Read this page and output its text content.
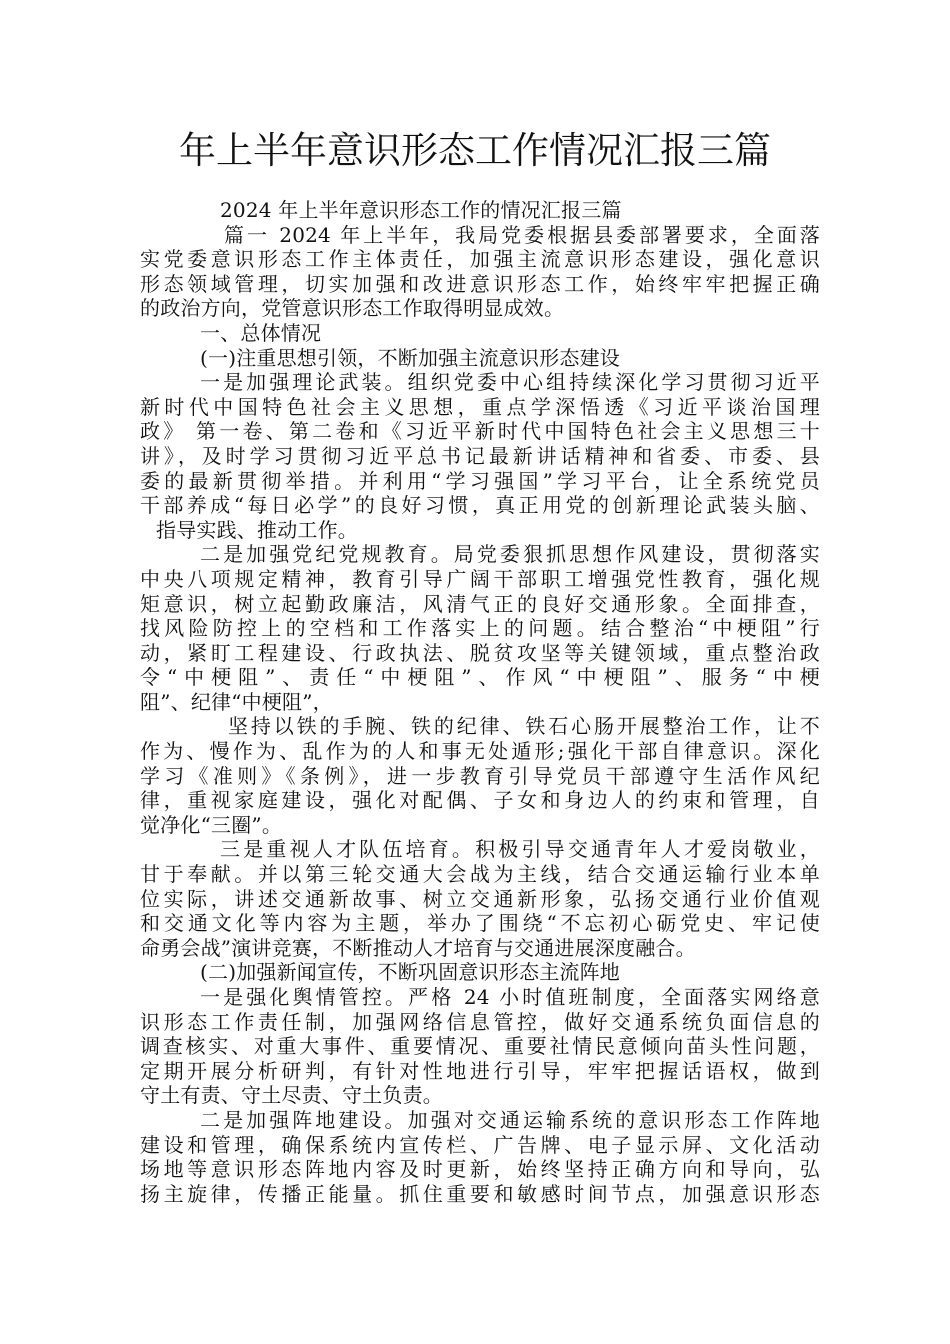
年上半年意识形态工作情况汇报三篇
2024 年上半年意识形态工作的情况汇报三篇
篇一 2024 年上半年，我局党委根据县委部署要求，全面落
实党委意识形态工作主体责任，加强主流意识形态建设，强化意识
形态领域管理，切实加强和改进意识形态工作，始终牢牢把握正确
的政治方向，党管意识形态工作取得明显成效。
一、总体情况
(一)注重思想引领，不断加强主流意识形态建设
一是加强理论武装。组织党委中心组持续深化学习贯彻习近平
新时代中国特色社会主义思想，重点学深悟透《习近平谈治国理
政》 第一卷、第二卷和《习近平新时代中国特色社会主义思想三十
讲》，及时学习贯彻习近平总书记最新讲话精神和省委、市委、县
委的最新贯彻举措。并利用“学习强国”学习平台，让全系统党员
干部养成“每日必学”的良好习惯，真正用党的创新理论武装头脑、
指导实践、推动工作。
二是加强党纪党规教育。局党委狠抓思想作风建设，贯彻落实
中央八项规定精神，教育引导广阔干部职工增强党性教育，强化规
矩意识，树立起勤政廉洁，风清气正的良好交通形象。全面排查，
找风险防控上的空档和工作落实上的问题。结合整治“中梗阻”行
动，紧盯工程建设、行政执法、脱贫攻坚等关键领域，重点整治政
令“中梗阻”、责任“中梗阻”、作风“中梗阻”、服务“中梗
阻”、纪律“中梗阻”，
坚持以铁的手腕、铁的纪律、铁石心肠开展整治工作，让不
作为、慢作为、乱作为的人和事无处遁形;强化干部自律意识。深化
学习《准则》《条例》，进一步教育引导党员干部遵守生活作风纪
律，重视家庭建设，强化对配偶、子女和身边人的约束和管理，自
觉净化“三圈”。
三是重视人才队伍培育。积极引导交通青年人才爱岗敬业，
甘于奉献。并以第三轮交通大会战为主线，结合交通运输行业本单
位实际，讲述交通新故事、树立交通新形象，弘扬交通行业价值观
和交通文化等内容为主题，举办了围绕“不忘初心砺党史、牢记使
命勇会战”演讲竞赛，不断推动人才培育与交通进展深度融合。
(二)加强新闻宣传，不断巩固意识形态主流阵地
一是强化舆情管控。严格 24 小时值班制度，全面落实网络意
识形态工作责任制，加强网络信息管控，做好交通系统负面信息的
调查核实、对重大事件、重要情况、重要社情民意倾向苗头性问题，
定期开展分析研判，有针对性地进行引导，牢牢把握话语权，做到
守土有责、守土尽责、守土负责。
二是加强阵地建设。加强对交通运输系统的意识形态工作阵地
建设和管理，确保系统内宣传栏、广告牌、电子显示屏、文化活动
场地等意识形态阵地内容及时更新，始终坚持正确方向和导向，弘
扬主旋律，传播正能量。抓住重要和敏感时间节点，加强意识形态
